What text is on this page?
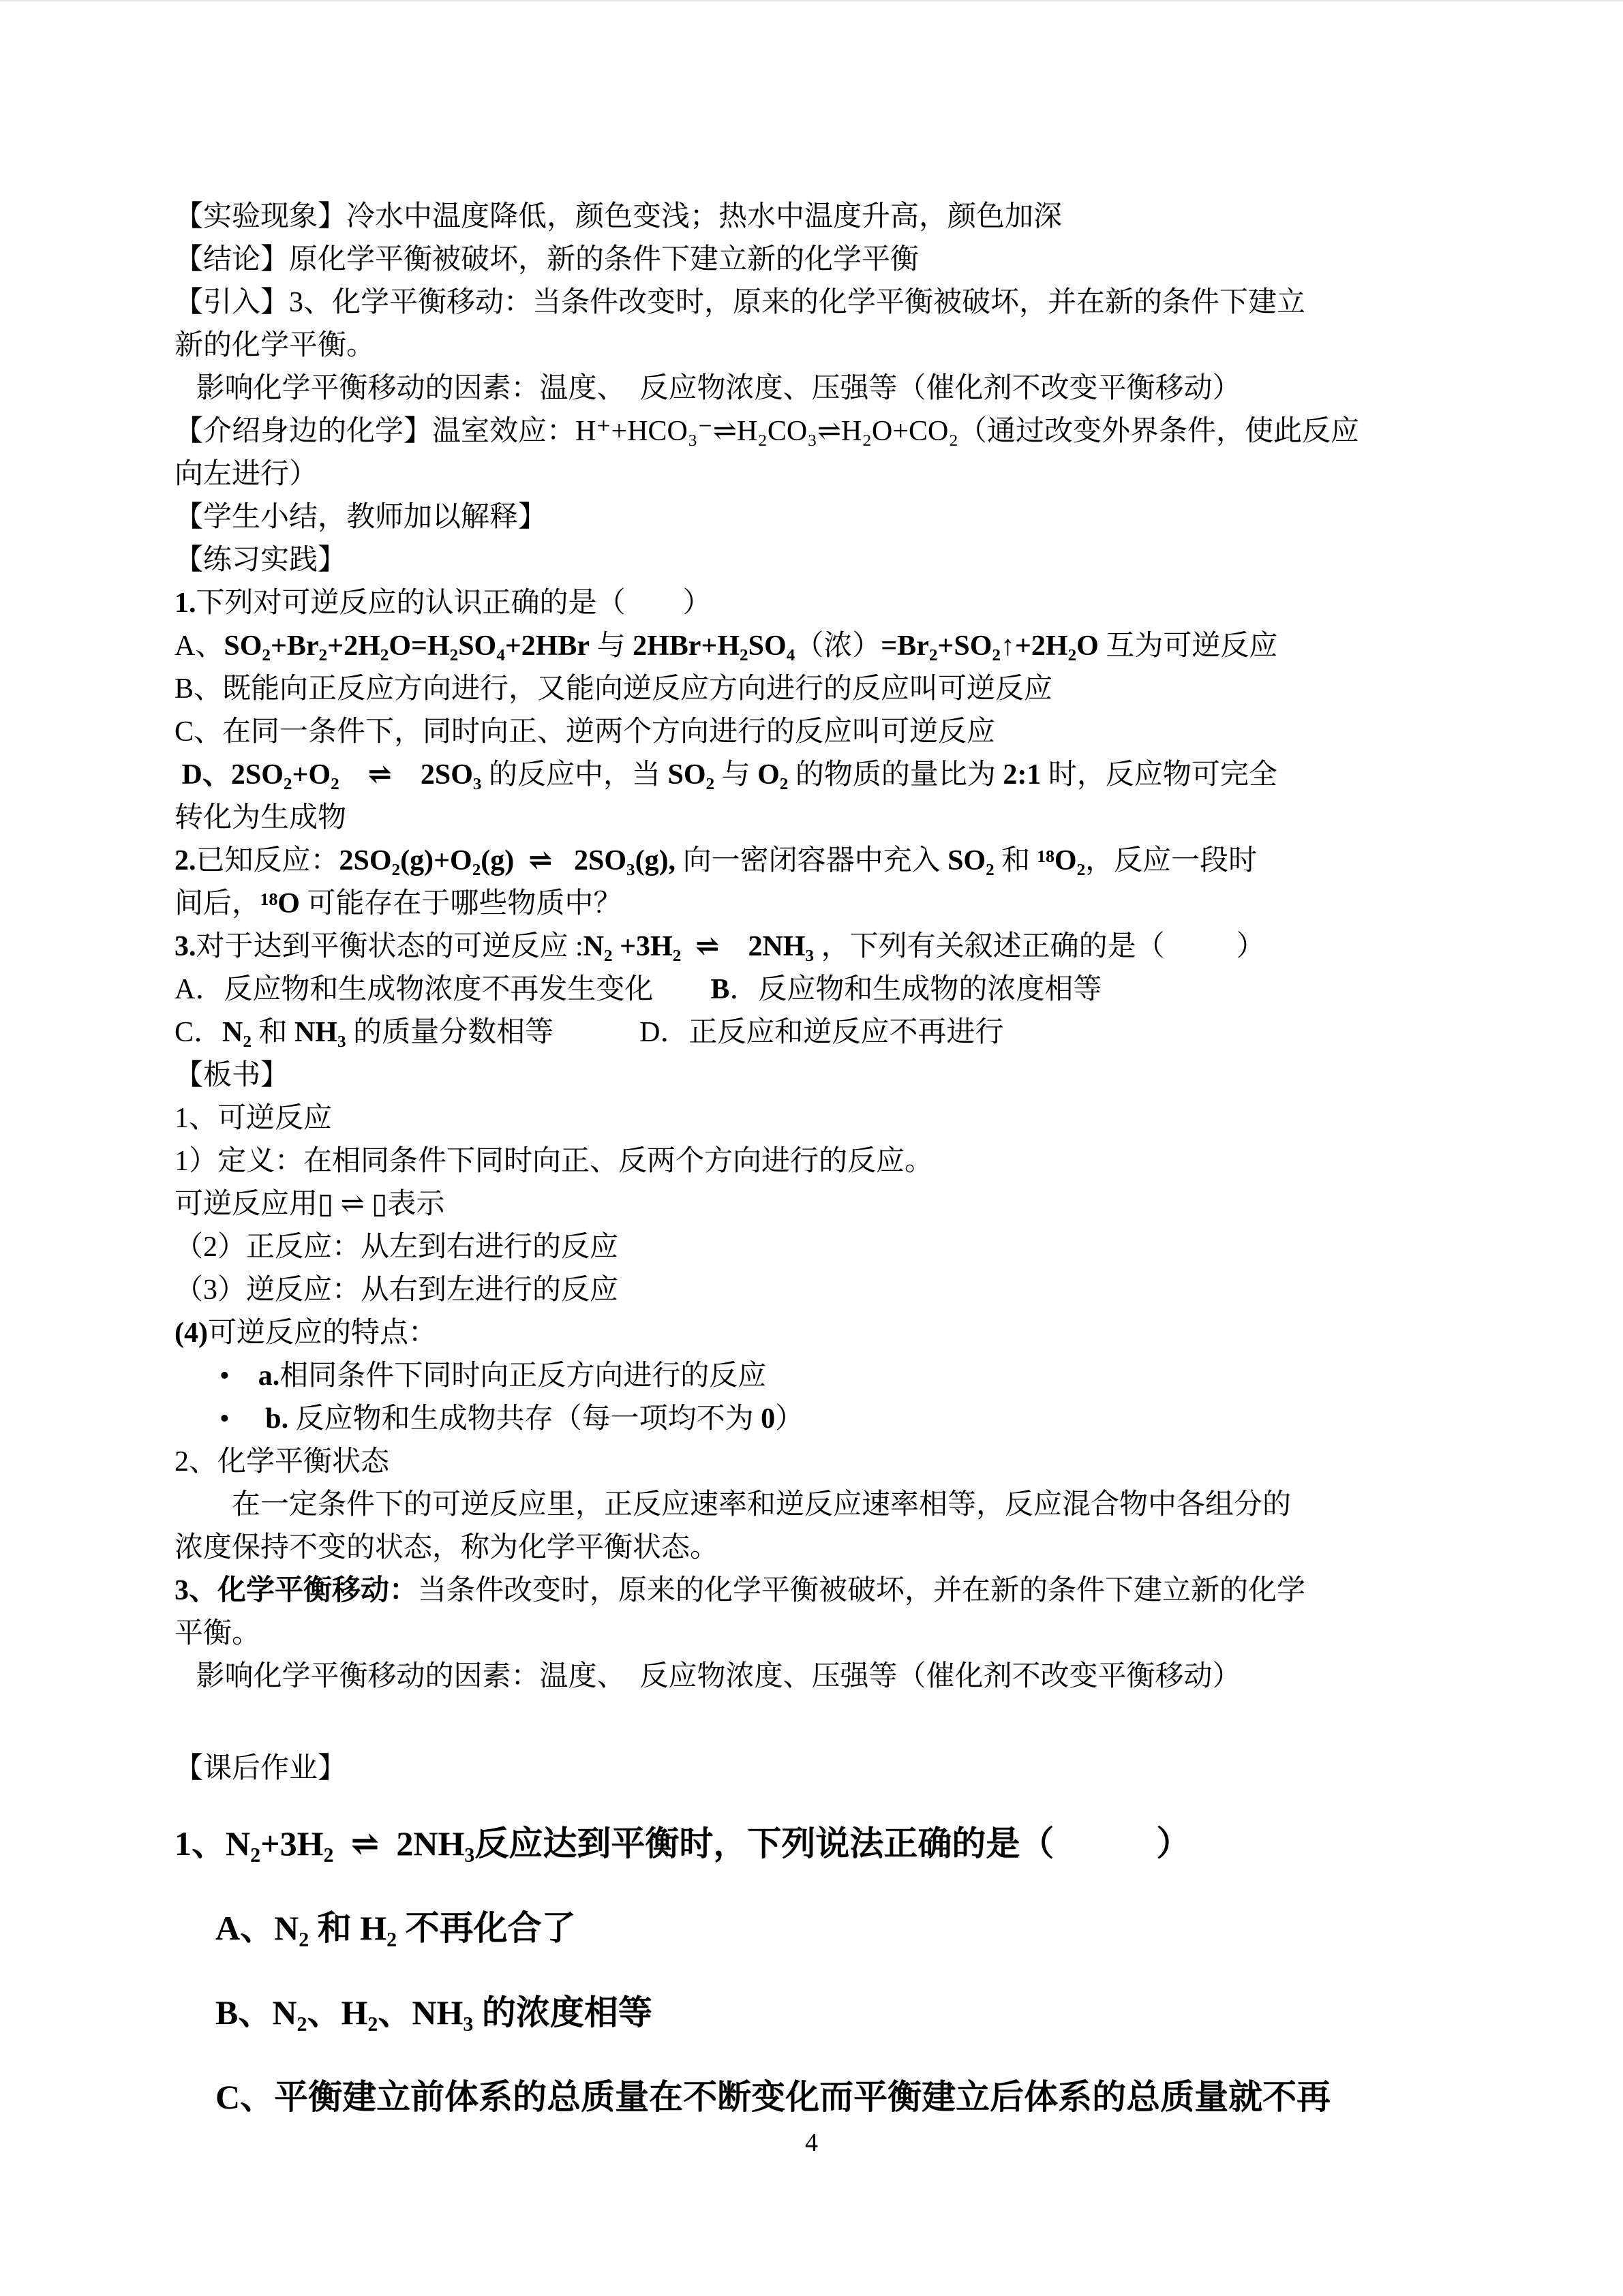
【实验现象】冷水中温度降低，颜色变浅；热水中温度升高，颜色加深
【结论】原化学平衡被破坏，新的条件下建立新的化学平衡
【引入】3、化学平衡移动：当条件改变时，原来的化学平衡被破坏，并在新的条件下建立
新的化学平衡。
影响化学平衡移动的因素：温度、  反应物浓度、压强等（催化剂不改变平衡移动）
【介绍身边的化学】温室效应：H⁺+HCO₃⁻⇌H₂CO₃⇌H₂O+CO₂（通过改变外界条件，使此反应
向左进行）
【学生小结，教师加以解释】
【练习实践】
1.下列对可逆反应的认识正确的是（        ）
A、SO₂+Br₂+2H₂O=H₂SO₄+2HBr 与 2HBr+H₂SO₄（浓）=Br₂+SO₂↑+2H₂O 互为可逆反应
B、既能向正反应方向进行，又能向逆反应方向进行的反应叫可逆反应
C、在同一条件下，同时向正、逆两个方向进行的反应叫可逆反应
D、2SO₂+O₂    ⇌    2SO₃ 的反应中，当 SO₂ 与 O₂ 的物质的量比为 2:1 时，反应物可完全
转化为生成物
2.已知反应：2SO₂(g)+O₂(g)  ⇌   2SO₃(g), 向一密闭容器中充入 SO₂ 和 ¹⁸O₂，反应一段时
间后，¹⁸O 可能存在于哪些物质中？
3.对于达到平衡状态的可逆反应 :N₂ +3H₂  ⇌    2NH₃ ，下列有关叙述正确的是（          ）
A．反应物和生成物浓度不再发生变化        B．反应物和生成物的浓度相等
C．N₂ 和 NH₃ 的质量分数相等            D．正反应和逆反应不再进行
【板书】
1、可逆反应
1）定义：在相同条件下同时向正、反两个方向进行的反应。
可逆反应用▯ ⇌ ▯表示
（2）正反应：从左到右进行的反应
（3）逆反应：从右到左进行的反应
(4)可逆反应的特点：
•    a.相同条件下同时向正反方向进行的反应
•     b. 反应物和生成物共存（每一项均不为 0）
2、化学平衡状态
在一定条件下的可逆反应里，正反应速率和逆反应速率相等，反应混合物中各组分的
浓度保持不变的状态，称为化学平衡状态。
3、化学平衡移动：当条件改变时，原来的化学平衡被破坏，并在新的条件下建立新的化学
平衡。
影响化学平衡移动的因素：温度、  反应物浓度、压强等（催化剂不改变平衡移动）
【课后作业】
1、N₂+3H₂  ⇌  2NH₃反应达到平衡时，下列说法正确的是（            ）
A、N₂ 和 H₂ 不再化合了
B、N₂、H₂、NH₃ 的浓度相等
C、平衡建立前体系的总质量在不断变化而平衡建立后体系的总质量就不再
4
